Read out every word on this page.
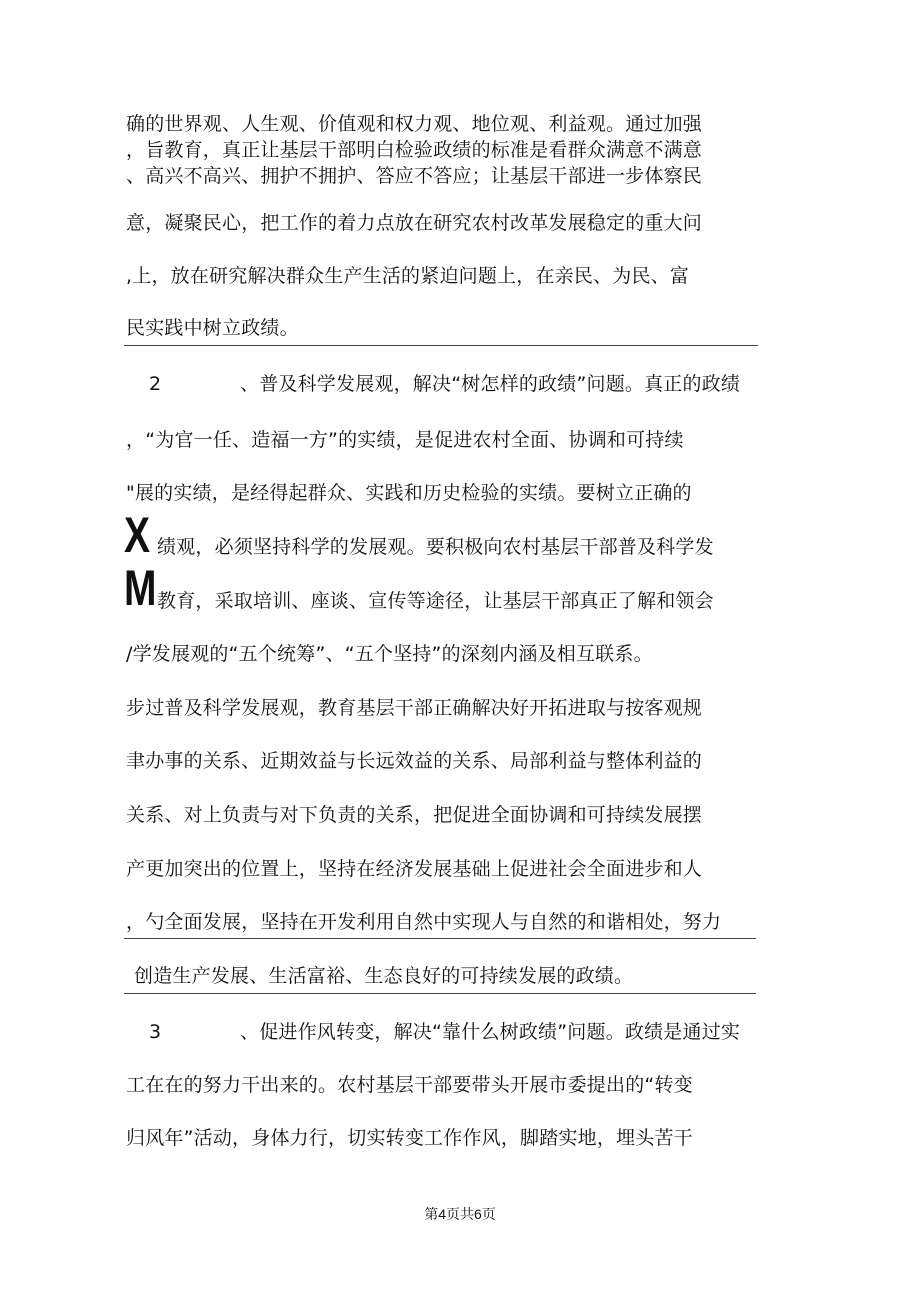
确的世界观、人生观、价值观和权力观、地位观、利益观。通过加强
，旨教育，真正让基层干部明白检验政绩的标准是看群众满意不满意
、高兴不高兴、拥护不拥护、答应不答应；让基层干部进一步体察民
意，凝聚民心，把工作的着力点放在研究农村改革发展稳定的重大问
,上，放在研究解决群众生产生活的紧迫问题上，在亲民、为民、富
民实践中树立政绩。
2	、普及科学发展观，解决“树怎样的政绩”问题。真正的政绩
，“为官一任、造福一方”的实绩，是促进农村全面、协调和可持续
"展的实绩，是经得起群众、实践和历史检验的实绩。要树立正确的
X 绩观，必须坚持科学的发展观。要积极向农村基层干部普及科学发
M 教育，采取培训、座谈、宣传等途径，让基层干部真正了解和领会
/学发展观的“五个统筹”、“五个坚持”的深刻内涵及相互联系。
步过普及科学发展观，教育基层干部正确解决好开拓进取与按客观规
聿办事的关系、近期效益与长远效益的关系、局部利益与整体利益的
关系、对上负责与对下负责的关系，把促进全面协调和可持续发展摆
产更加突出的位置上，坚持在经济发展基础上促进社会全面进步和人
，勺全面发展，坚持在开发利用自然中实现人与自然的和谐相处，努力
创造生产发展、生活富裕、生态良好的可持续发展的政绩。
3	、促进作风转变，解决“靠什么树政绩”问题。政绩是通过实
工在在的努力干出来的。农村基层干部要带头开展市委提出的“转变
归风年”活动，身体力行，切实转变工作作风，脚踏实地，埋头苦干
第4页共6页
